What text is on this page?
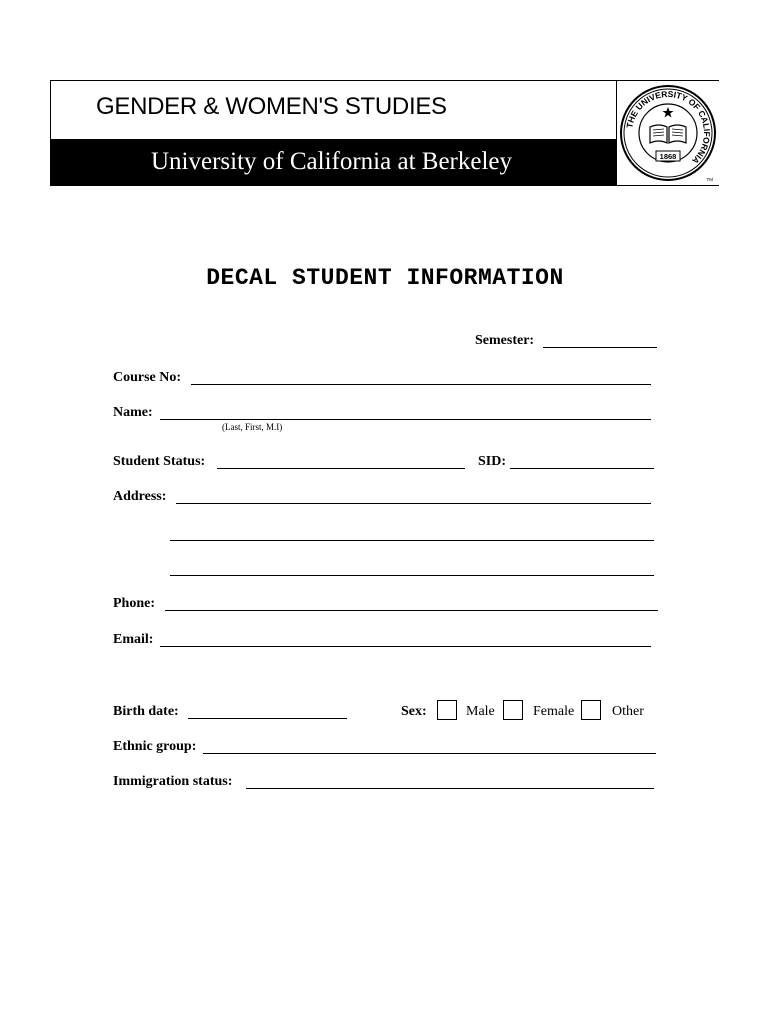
GENDER & WOMEN'S STUDIES
University of California at Berkeley
THE UNIVERSITY OF CALIFORNIA
1868
TM
DECAL STUDENT INFORMATION
Semester:
Course No:
Name:
(Last, First, M.I)
Student Status:	SID:
Address:
Phone:
Email:
Birth date:	Sex:	Male	Female	Other
Ethnic group:
Immigration status:
